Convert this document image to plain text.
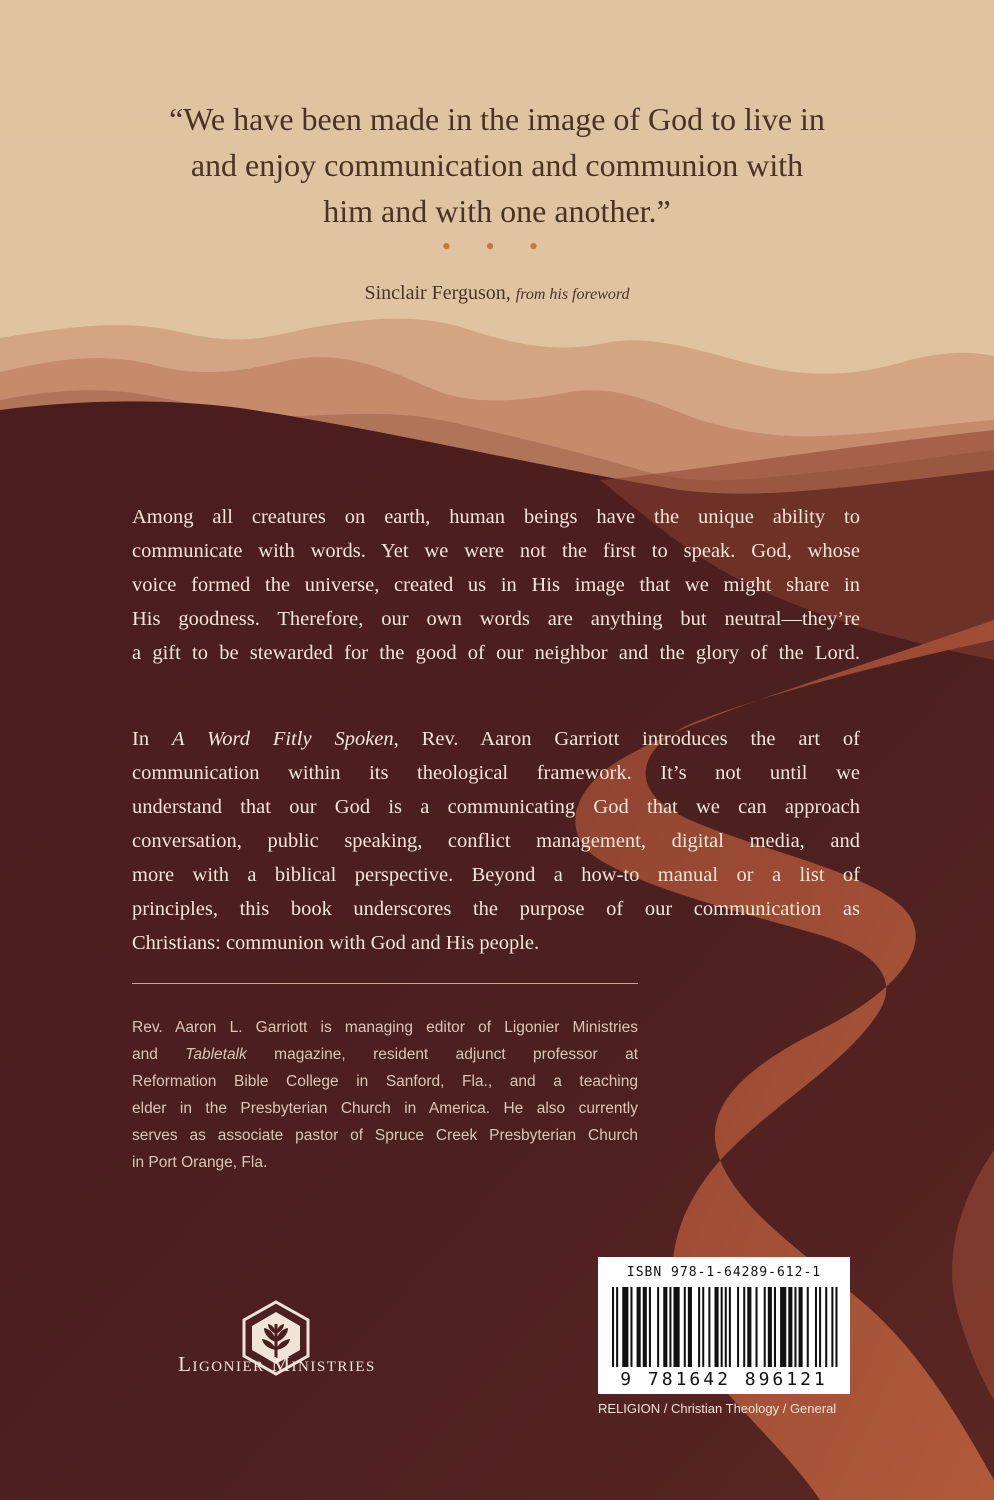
“We have been made in the image of God to live in
and enjoy communication and communion with
him and with one another.”
• • •
Sinclair Ferguson, from his foreword
Among all creatures on earth, human beings have the unique ability to
communicate with words. Yet we were not the first to speak. God, whose
voice formed the universe, created us in His image that we might share in
His goodness. Therefore, our own words are anything but neutral—they’re
a gift to be stewarded for the good of our neighbor and the glory of the Lord.
In A Word Fitly Spoken, Rev. Aaron Garriott introduces the art of
communication within its theological framework. It’s not until we
understand that our God is a communicating God that we can approach
conversation, public speaking, conflict management, digital media, and
more with a biblical perspective. Beyond a how-to manual or a list of
principles, this book underscores the purpose of our communication as
Christians: communion with God and His people.
Rev. Aaron L. Garriott is managing editor of Ligonier Ministries
and Tabletalk magazine, resident adjunct professor at
Reformation Bible College in Sanford, Fla., and a teaching
elder in the Presbyterian Church in America. He also currently
serves as associate pastor of Spruce Creek Presbyterian Church
in Port Orange, Fla.
Ligonier Ministries
ISBN 978-1-64289-612-1
9 781642 896121
RELIGION / Christian Theology / General
